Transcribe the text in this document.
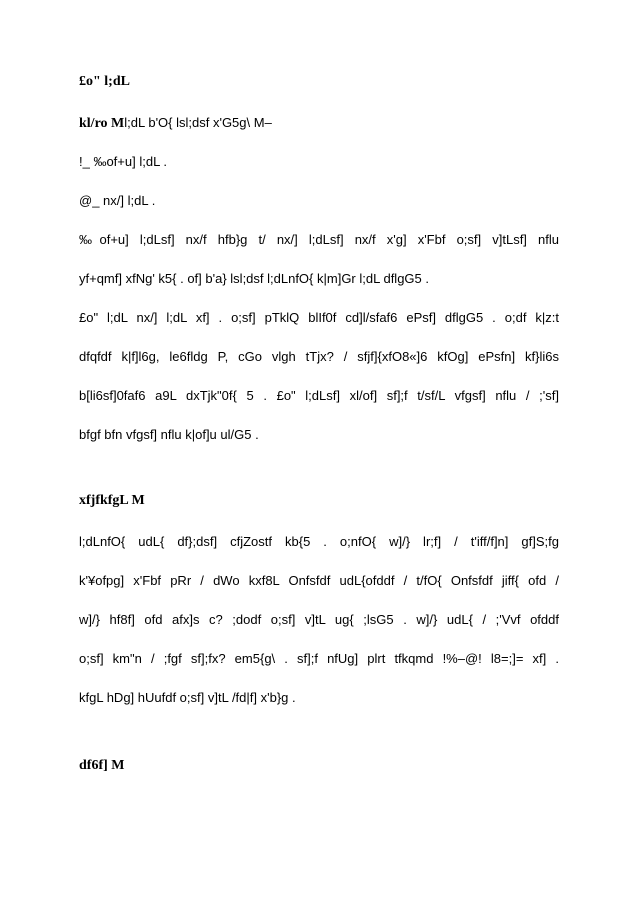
£o" l;dL
kl/ro Ml;dL b'O{ lsl;dsf x'G5g\ M–
!_ ‰of+u] l;dL .
@_ nx/] l;dL .
‰of+u] l;dLsf] nx/f hfb}g t/ nx/] l;dLsf] nx/f x'g] x'Fbf o;sf] v]tLsf] nflu
yf+qmf] xfNg' k5{ . of] b'a} lsl;dsf l;dLnfO{ k|m]Gr l;dL dflgG5 .
£o" l;dL nx/] l;dL xf] . o;sf] pTklQ blIf0f cd]l/sfaf6 ePsf] dflgG5 . o;df k|z:t
dfqfdf k|f]l6g, le6fldg P, cGo vlgh tTjx? / sfjf]{xfO8«]6 kfOg] ePsfn] kf}li6s
b[li6sf]0faf6 a9L dxTjk"0f{ 5 . £o" l;dLsf] xl/of] sf];f t/sf/L vfgsf] nflu / ;'sf]
bfgf bfn vfgsf] nflu k|of]u ul/G5 .
xfjfkfgL M
l;dLnfO{ udL{ df};dsf] cfjZostf kb{5 . o;nfO{ w]/} lr;f] / t'iff/f]n] gf]S;fg
k'¥ofpg] x'Fbf pRr / dWo kxf8L Onfsfdf udL{ofddf / t/fO{ Onfsfdf jiff{ ofd /
w]/} hf8f] ofd afx]s c? ;dodf o;sf] v]tL ug{ ;lsG5 . w]/} udL{ / ;'Vvf ofddf
o;sf] km"n / ;fgf sf];fx? em5{g\ . sf];f nfUg] plrt tfkqmd !%–@! l8=;]= xf] .
kfgL hDg] hUufdf o;sf] v]tL /fd|f] x'b}g .
df6f] M
